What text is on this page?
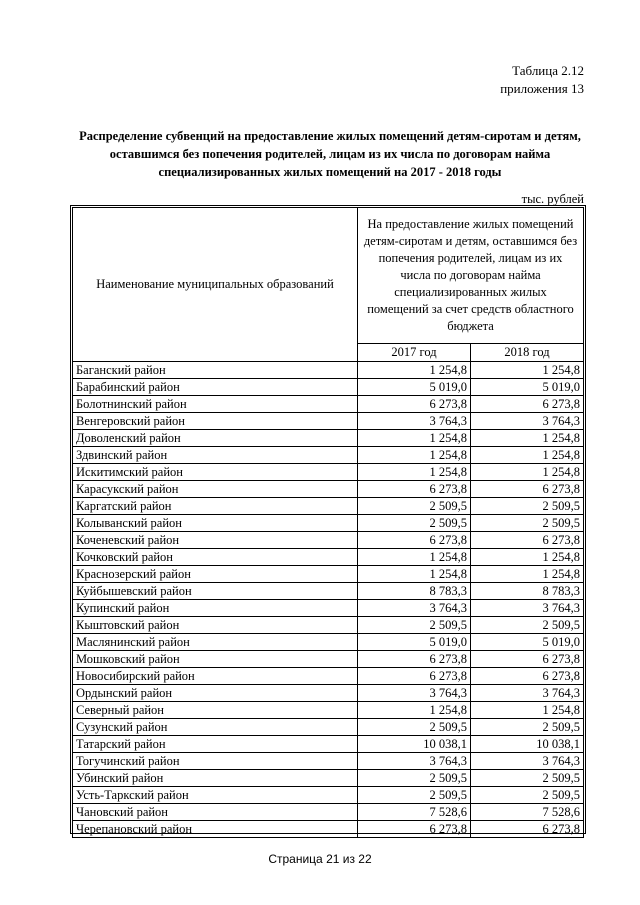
Таблица 2.12
приложения 13
Распределение субвенций на предоставление жилых помещений детям-сиротам и детям, оставшимся без попечения родителей, лицам из их числа по договорам найма специализированных жилых помещений на 2017 - 2018 годы
тыс. рублей
Наименование муниципальных образований	На предоставление жилых помещений детям-сиротам и детям, оставшимся без попечения родителей, лицам из их числа по договорам найма специализированных жилых помещений за счет средств областного бюджета	
	2017 год	2018 год
Баганский район	1 254,8	1 254,8
Барабинский район	5 019,0	5 019,0
Болотнинский район	6 273,8	6 273,8
Венгеровский район	3 764,3	3 764,3
Доволенский район	1 254,8	1 254,8
Здвинский район	1 254,8	1 254,8
Искитимский район	1 254,8	1 254,8
Карасукский район	6 273,8	6 273,8
Каргатский район	2 509,5	2 509,5
Колыванский район	2 509,5	2 509,5
Коченевский район	6 273,8	6 273,8
Кочковский район	1 254,8	1 254,8
Краснозерский район	1 254,8	1 254,8
Куйбышевский район	8 783,3	8 783,3
Купинский район	3 764,3	3 764,3
Кыштовский район	2 509,5	2 509,5
Маслянинский район	5 019,0	5 019,0
Мошковский район	6 273,8	6 273,8
Новосибирский район	6 273,8	6 273,8
Ордынский район	3 764,3	3 764,3
Северный район	1 254,8	1 254,8
Сузунский район	2 509,5	2 509,5
Татарский район	10 038,1	10 038,1
Тогучинский район	3 764,3	3 764,3
Убинский район	2 509,5	2 509,5
Усть-Таркский район	2 509,5	2 509,5
Чановский район	7 528,6	7 528,6
Черепановский район	6 273,8	6 273,8
Страница 21 из 22
